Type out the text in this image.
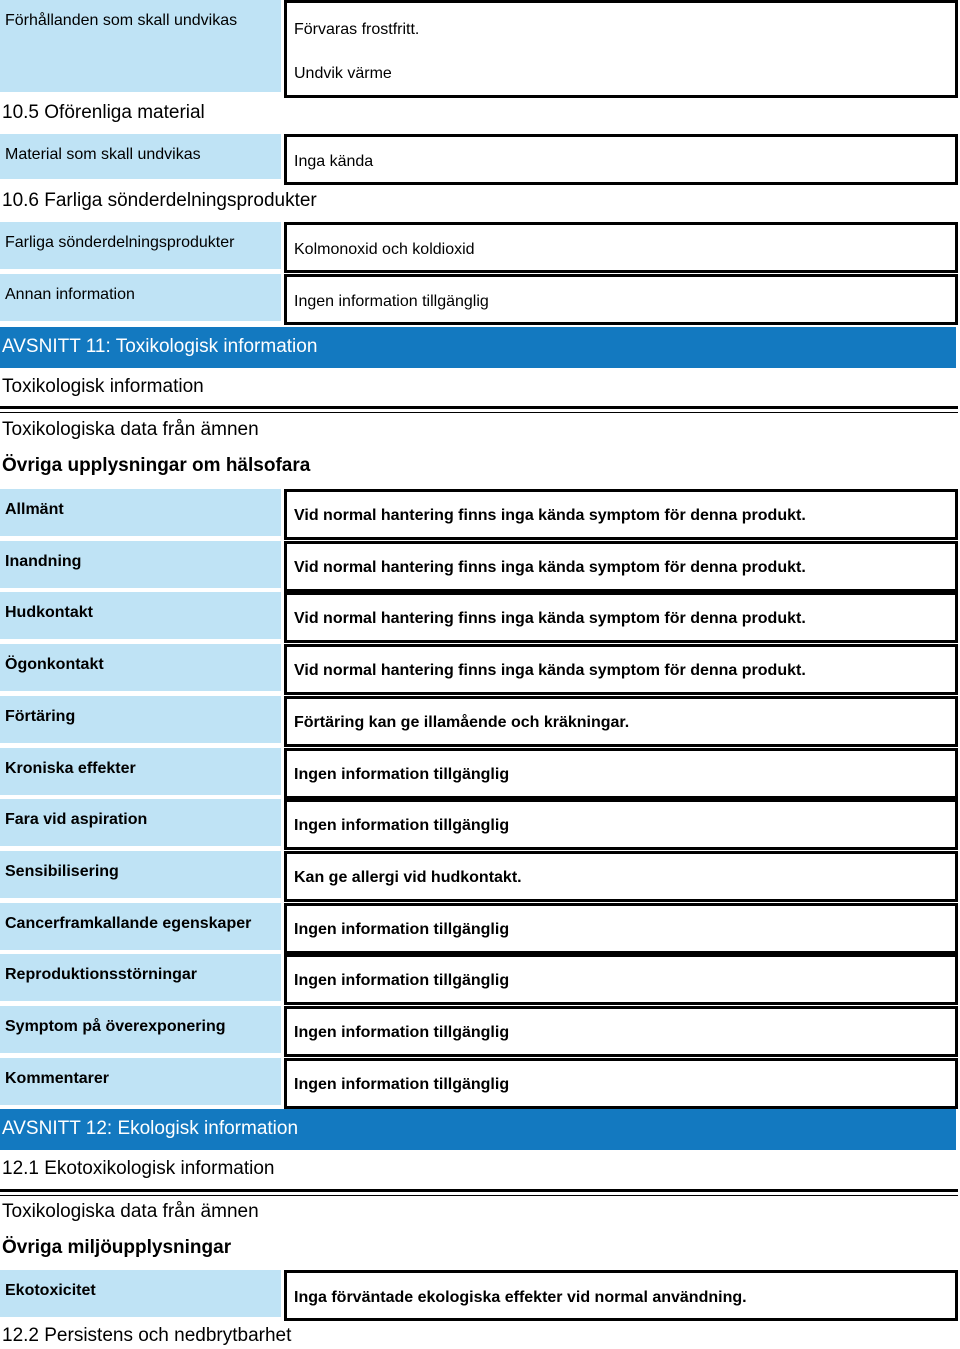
Förhållanden som skall undvikas
Förvaras frostfritt.
Undvik värme
10.5 Oförenliga material
Material som skall undvikas	Inga kända
10.6 Farliga sönderdelningsprodukter
Farliga sönderdelningsprodukter	Kolmonoxid och koldioxid
Annan information	Ingen information tillgänglig
AVSNITT 11: Toxikologisk information
Toxikologisk information
Toxikologiska data från ämnen
Övriga upplysningar om hälsofara
Allmänt	Vid normal hantering finns inga kända symptom för denna produkt.
Inandning	Vid normal hantering finns inga kända symptom för denna produkt.
Hudkontakt	Vid normal hantering finns inga kända symptom för denna produkt.
Ögonkontakt	Vid normal hantering finns inga kända symptom för denna produkt.
Förtäring	Förtäring kan ge illamående och kräkningar.
Kroniska effekter	Ingen information tillgänglig
Fara vid aspiration	Ingen information tillgänglig
Sensibilisering	Kan ge allergi vid hudkontakt.
Cancerframkallande egenskaper	Ingen information tillgänglig
Reproduktionsstörningar	Ingen information tillgänglig
Symptom på överexponering	Ingen information tillgänglig
Kommentarer	Ingen information tillgänglig
AVSNITT 12: Ekologisk information
12.1 Ekotoxikologisk information
Toxikologiska data från ämnen
Övriga miljöupplysningar
Ekotoxicitet	Inga förväntade ekologiska effekter vid normal användning.
12.2 Persistens och nedbrytbarhet
